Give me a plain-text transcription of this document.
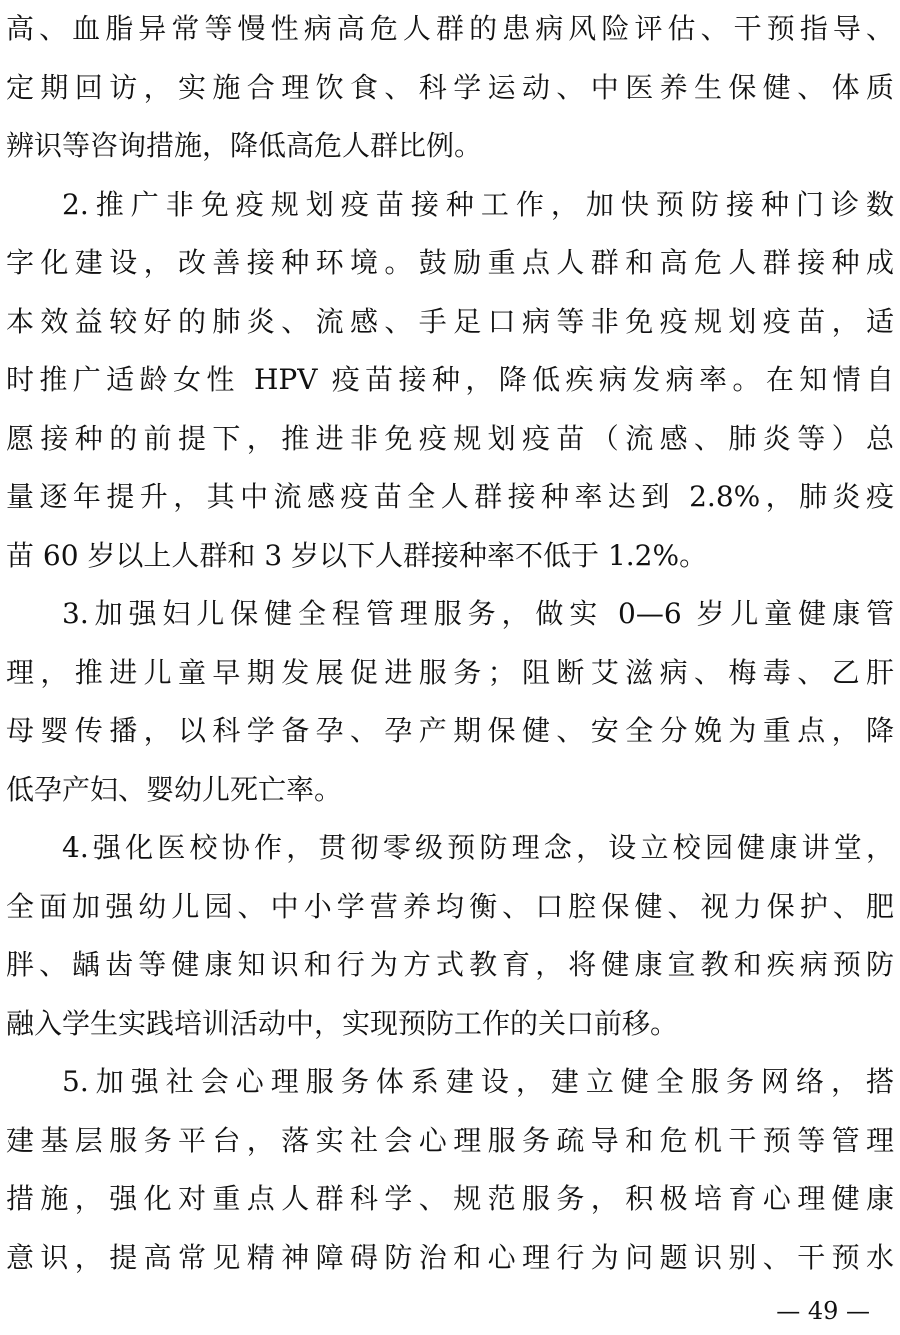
高、血脂异常等慢性病高危人群的患病风险评估、干预指导、
定期回访，实施合理饮食、科学运动、中医养生保健、体质
辨识等咨询措施，降低高危人群比例。
2.推广非免疫规划疫苗接种工作，加快预防接种门诊数
字化建设，改善接种环境。鼓励重点人群和高危人群接种成
本效益较好的肺炎、流感、手足口病等非免疫规划疫苗，适
时推广适龄女性 HPV 疫苗接种，降低疾病发病率。在知情自
愿接种的前提下，推进非免疫规划疫苗（流感、肺炎等）总
量逐年提升，其中流感疫苗全人群接种率达到 2.8%，肺炎疫
苗 60 岁以上人群和 3 岁以下人群接种率不低于 1.2%。
3.加强妇儿保健全程管理服务，做实 0—6 岁儿童健康管
理，推进儿童早期发展促进服务；阻断艾滋病、梅毒、乙肝
母婴传播，以科学备孕、孕产期保健、安全分娩为重点，降
低孕产妇、婴幼儿死亡率。
4.强化医校协作，贯彻零级预防理念，设立校园健康讲堂，
全面加强幼儿园、中小学营养均衡、口腔保健、视力保护、肥
胖、龋齿等健康知识和行为方式教育，将健康宣教和疾病预防
融入学生实践培训活动中，实现预防工作的关口前移。
5.加强社会心理服务体系建设，建立健全服务网络，搭
建基层服务平台，落实社会心理服务疏导和危机干预等管理
措施，强化对重点人群科学、规范服务，积极培育心理健康
意识，提高常见精神障碍防治和心理行为问题识别、干预水
— 49 —
